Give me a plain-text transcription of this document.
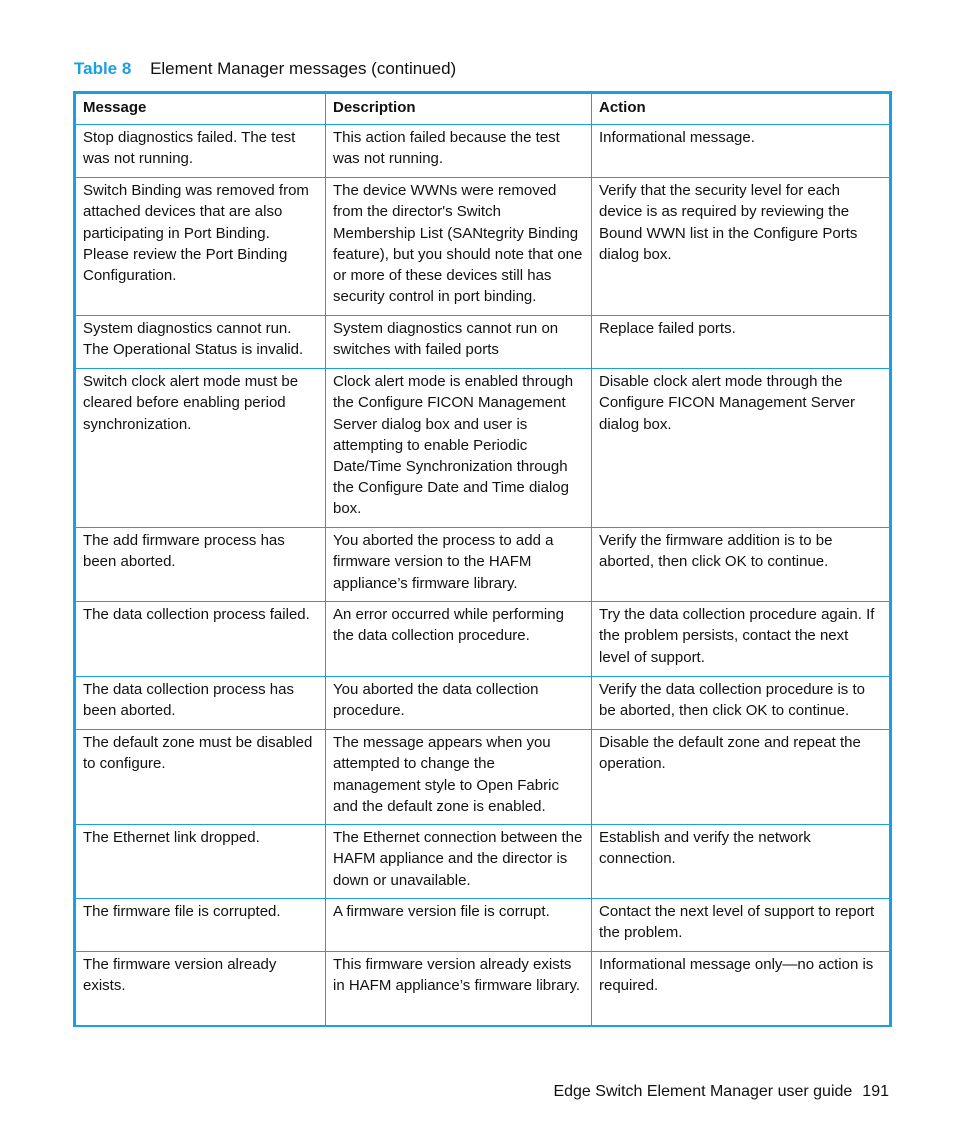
Table 8 Element Manager messages (continued)
Message	Description	Action
Stop diagnostics failed. The test was not running.	This action failed because the test was not running.	Informational message.
Switch Binding was removed from attached devices that are also participating in Port Binding. Please review the Port Binding Configuration.	The device WWNs were removed from the director's Switch Membership List (SANtegrity Binding feature), but you should note that one or more of these devices still has security control in port binding.	Verify that the security level for each device is as required by reviewing the Bound WWN list in the Configure Ports dialog box.
System diagnostics cannot run. The Operational Status is invalid.	System diagnostics cannot run on switches with failed ports	Replace failed ports.
Switch clock alert mode must be cleared before enabling period synchronization.	Clock alert mode is enabled through the Configure FICON Management Server dialog box and user is attempting to enable Periodic Date/Time Synchronization through the Configure Date and Time dialog box.	Disable clock alert mode through the Configure FICON Management Server dialog box.
The add firmware process has been aborted.	You aborted the process to add a firmware version to the HAFM appliance’s firmware library.	Verify the firmware addition is to be aborted, then click OK to continue.
The data collection process failed.	An error occurred while performing the data collection procedure.	Try the data collection procedure again. If the problem persists, contact the next level of support.
The data collection process has been aborted.	You aborted the data collection procedure.	Verify the data collection procedure is to be aborted, then click OK to continue.
The default zone must be disabled to configure.	The message appears when you attempted to change the management style to Open Fabric and the default zone is enabled.	Disable the default zone and repeat the operation.
The Ethernet link dropped.	The Ethernet connection between the HAFM appliance and the director is down or unavailable.	Establish and verify the network connection.
The firmware file is corrupted.	A firmware version file is corrupt.	Contact the next level of support to report the problem.
The firmware version already exists.	This firmware version already exists in HAFM appliance’s firmware library.	Informational message only—no action is required.
Edge Switch Element Manager user guide 191
